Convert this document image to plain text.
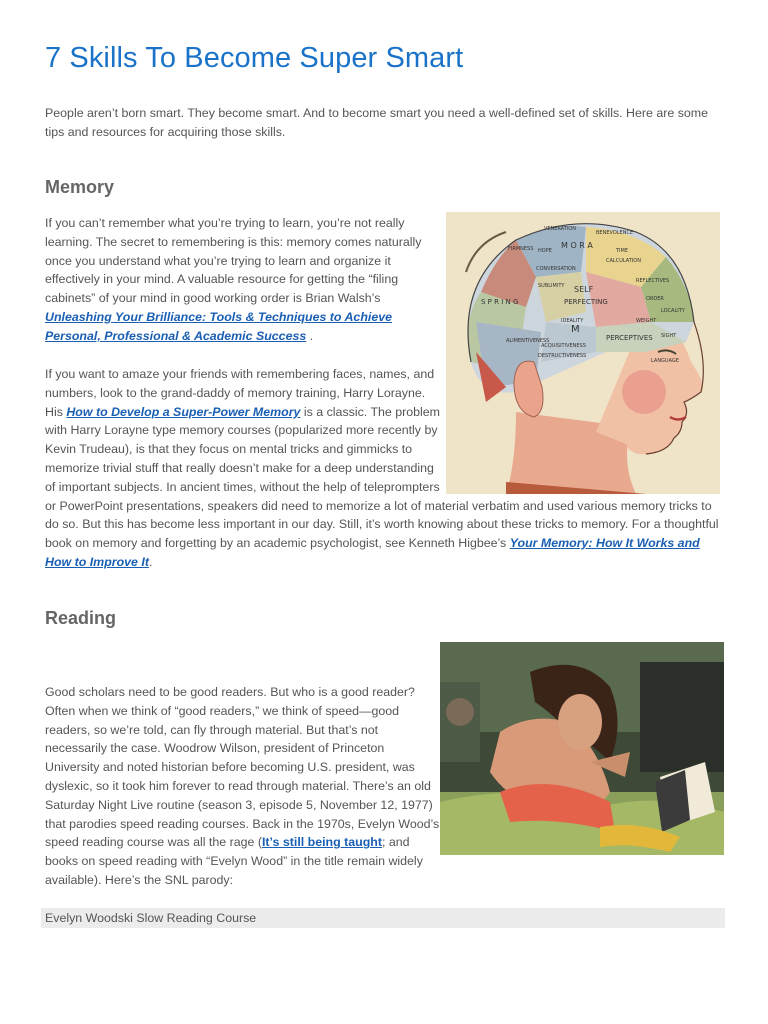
7 Skills To Become Super Smart

People aren’t born smart. They become smart. And to become smart you need a well-defined set of skills. Here are some tips and resources for acquiring those skills.

Memory
VENERATION
BENEVOLENCE
FIRMNESS HOPE
CONVERSATION
M O R A
SUBLIMITY SELF
PERFECTING
REFLECTIVES
S P R I N G
IDEALITY
LOCALITY
PERCEPTIVES
LANGUAGE
ACQUISITIVENESS
DESTRUCTIVENESS
ALIMENTIVENESS
SIGHT
ORDER
WEIGHT
CALCULATION
TIME
M

If you can’t remember what you’re trying to learn, you’re not really learning. The secret to remembering is this: memory comes naturally once you understand what you’re trying to learn and organize it effectively in your mind. A valuable resource for getting the “filing cabinets” of your mind in good working order is Brian Walsh’s Unleashing Your Brilliance: Tools & Techniques to Achieve Personal, Professional & Academic Success .

If you want to amaze your friends with remembering faces, names, and numbers, look to the grand-daddy of memory training, Harry Lorayne. His How to Develop a Super-Power Memory is a classic. The problem with Harry Lorayne type memory courses (popularized more recently by Kevin Trudeau), is that they focus on mental tricks and gimmicks to memorize trivial stuff that really doesn’t make for a deep understanding of important subjects. In ancient times, without the help of teleprompters or PowerPoint presentations, speakers did need to memorize a lot of material verbatim and used various memory tricks to do so. But this has become less important in our day. Still, it’s worth knowing about these tricks to memory. For a thoughtful book on memory and forgetting by an academic psychologist, see Kenneth Higbee’s Your Memory: How It Works and How to Improve It.

Reading

Good scholars need to be good readers. But who is a good reader? Often when we think of “good readers,” we think of speed—good readers, so we’re told, can fly through material. But that’s not necessarily the case. Woodrow Wilson, president of Princeton University and noted historian before becoming U.S. president, was dyslexic, so it took him forever to read through material. There’s an old Saturday Night Live routine (season 3, episode 5, November 12, 1977) that parodies speed reading courses. Back in the 1970s, Evelyn Wood’s speed reading course was all the rage (It’s still being taught; and books on speed reading with “Evelyn Wood” in the title remain widely available). Here’s the SNL parody:

Evelyn Woodski Slow Reading Course
